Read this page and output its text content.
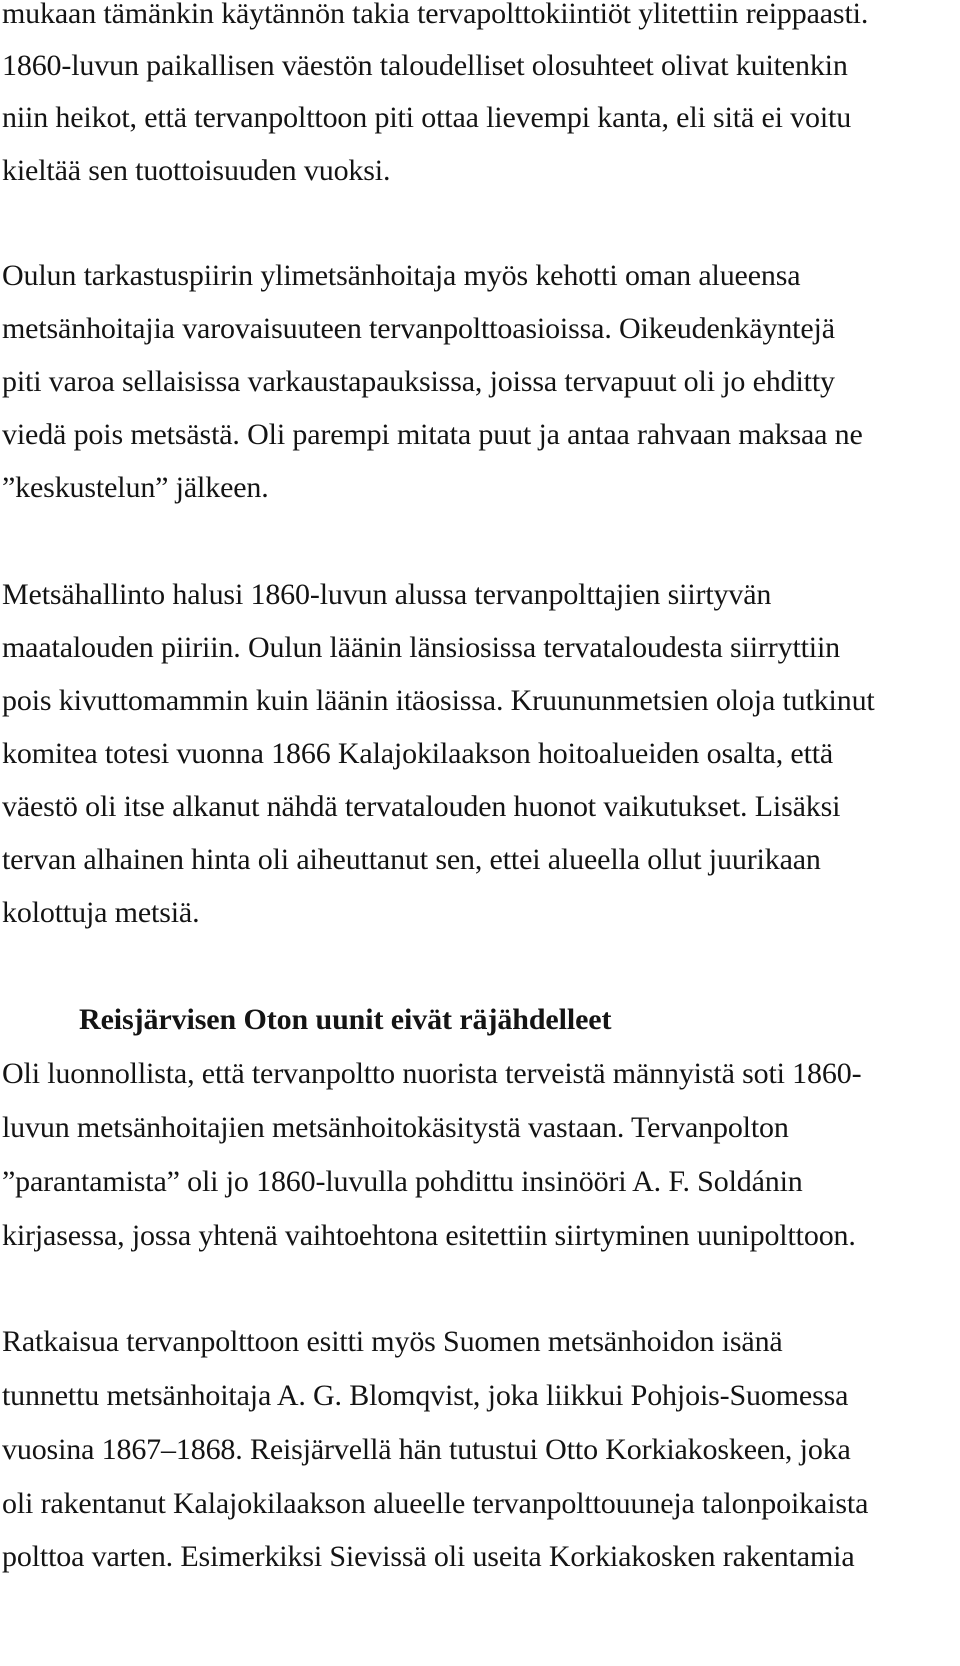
mukaan tämänkin käytännön takia tervapolttokiintiöt ylitettiin reippaasti.
1860-luvun paikallisen väestön taloudelliset olosuhteet olivat kuitenkin
niin heikot, että tervanpolttoon piti ottaa lievempi kanta, eli sitä ei voitu
kieltää sen tuottoisuuden vuoksi.
Oulun tarkastuspiirin ylimetsänhoitaja myös kehotti oman alueensa
metsänhoitajia varovaisuuteen tervanpolttoasioissa. Oikeudenkäyntejä
piti varoa sellaisissa varkaustapauksissa, joissa tervapuut oli jo ehditty
viedä pois metsästä. Oli parempi mitata puut ja antaa rahvaan maksaa ne
”keskustelun” jälkeen.
Metsähallinto halusi 1860-luvun alussa tervanpolttajien siirtyvän
maatalouden piiriin. Oulun läänin länsiosissa tervataloudesta siirryttiin
pois kivuttomammin kuin läänin itäosissa. Kruununmetsien oloja tutkinut
komitea totesi vuonna 1866 Kalajokilaakson hoitoalueiden osalta, että
väestö oli itse alkanut nähdä tervatalouden huonot vaikutukset. Lisäksi
tervan alhainen hinta oli aiheuttanut sen, ettei alueella ollut juurikaan
kolottuja metsiä.
Reisjärvisen Oton uunit eivät räjähdelleet
Oli luonnollista, että tervanpoltto nuorista terveistä männyistä soti 1860-
luvun metsänhoitajien metsänhoitokäsitystä vastaan. Tervanpolton
”parantamista” oli jo 1860-luvulla pohdittu insinööri A. F. Soldánin
kirjasessa, jossa yhtenä vaihtoehtona esitettiin siirtyminen uunipolttoon.
Ratkaisua tervanpolttoon esitti myös Suomen metsänhoidon isänä
tunnettu metsänhoitaja A. G. Blomqvist, joka liikkui Pohjois-Suomessa
vuosina 1867–1868. Reisjärvellä hän tutustui Otto Korkiakoskeen, joka
oli rakentanut Kalajokilaakson alueelle tervanpolttouuneja talonpoikaista
polttoa varten. Esimerkiksi Sievissä oli useita Korkiakosken rakentamia
